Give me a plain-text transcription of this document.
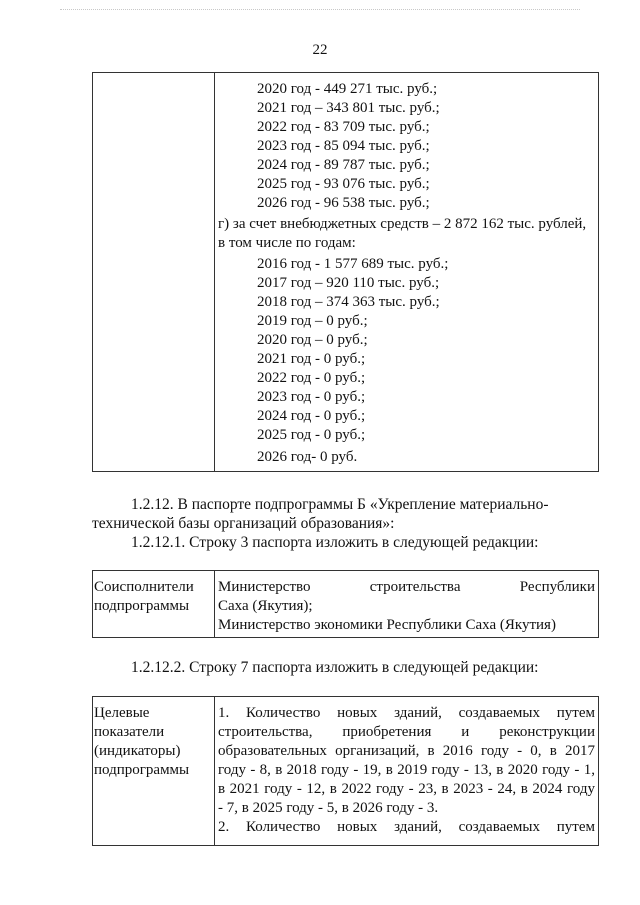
22
2020 год - 449 271 тыс. руб.;
2021 год – 343 801 тыс. руб.;
2022 год - 83 709 тыс. руб.;
2023 год - 85 094 тыс. руб.;
2024 год - 89 787 тыс. руб.;
2025 год - 93 076 тыс. руб.;
2026 год - 96 538 тыс. руб.;
г) за счет внебюджетных средств – 2 872 162 тыс. рублей,
в том числе по годам:
2016 год - 1 577 689 тыс. руб.;
2017 год – 920 110 тыс. руб.;
2018 год – 374 363 тыс. руб.;
2019 год – 0 руб.;
2020 год – 0 руб.;
2021 год - 0 руб.;
2022 год - 0 руб.;
2023 год - 0 руб.;
2024 год - 0 руб.;
2025 год - 0 руб.;
2026 год- 0 руб.
1.2.12. В паспорте подпрограммы Б «Укрепление материально-
технической базы организаций образования»:
1.2.12.1. Строку 3 паспорта изложить в следующей редакции:
Соисполнители
подпрограммы
Министерство строительства Республики
Саха (Якутия);
Министерство экономики Республики Саха (Якутия)
1.2.12.2. Строку 7 паспорта изложить в следующей редакции:
Целевые
показатели
(индикаторы)
подпрограммы
1. Количество новых зданий, создаваемых путем
строительства, приобретения и реконструкции
образовательных организаций, в 2016 году - 0, в 2017
году - 8, в 2018 году - 19, в 2019 году - 13, в 2020 году - 1,
в 2021 году - 12, в 2022 году - 23, в 2023 - 24, в 2024 году
- 7, в 2025 году - 5, в 2026 году - 3.
2. Количество новых зданий, создаваемых путем
